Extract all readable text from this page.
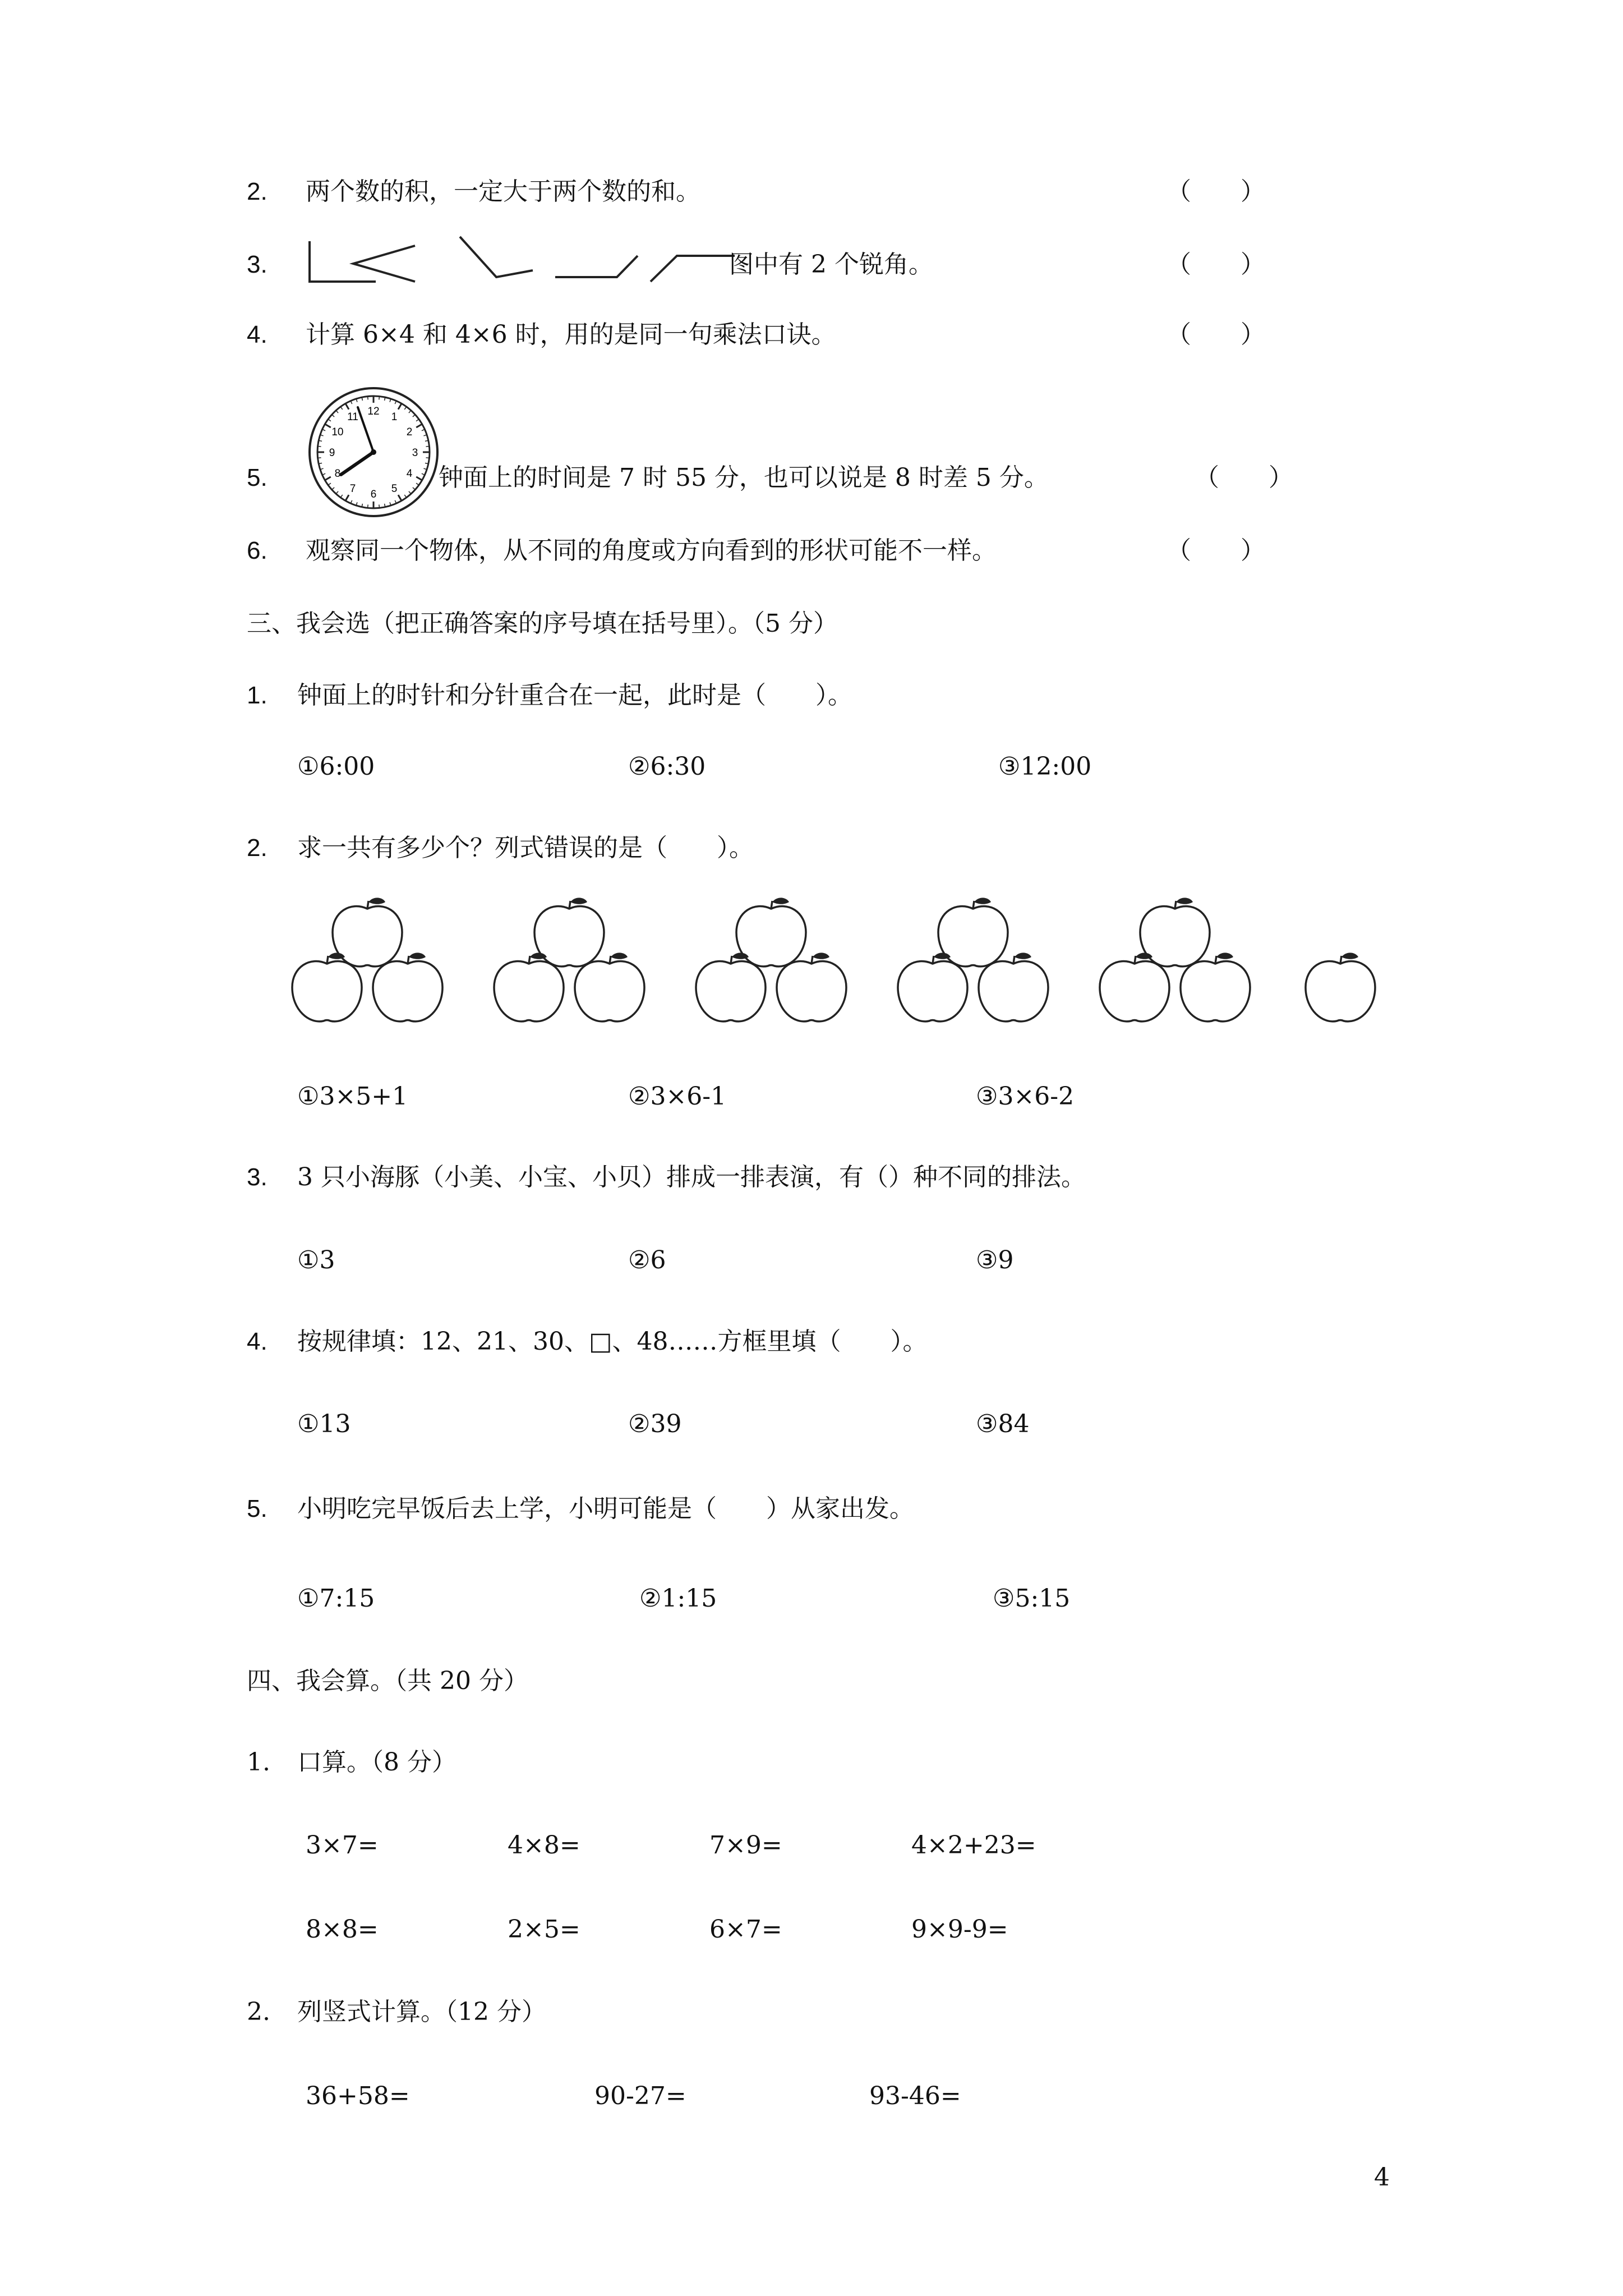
2. 两个数的积，一定大于两个数的和。	（　　）
3.	图中有 2 个锐角。	（　　）
4. 计算 6×4 和 4×6 时，用的是同一句乘法口诀。	（　　）
5.
12 1
2
3
4
5
6
7
8
9
10
11
钟面上的时间是 7 时 55 分，也可以说是 8 时差 5 分。	（　　）
6. 观察同一个物体，从不同的角度或方向看到的形状可能不一样。	（　　）
三、我会选（把正确答案的序号填在括号里）。（5 分）
1. 钟面上的时针和分针重合在一起，此时是（　　）。
①6:00	②6:30	③12:00
2. 求一共有多少个？列式错误的是（　　）。
①3×5+1	②3×6-1	③3×6-2
3. 3 只小海豚（小美、小宝、小贝）排成一排表演，有（）种不同的排法。
①3	②6	③9
4. 按规律填：12、21、30、□、48……方框里填（　　）。
①13	②39	③84
5. 小明吃完早饭后去上学，小明可能是（　　）从家出发。
①7:15	②1:15	③5:15
四、我会算。（共 20 分）
1. 口算。（8 分）
3×7=	4×8=	7×9=	4×2+23=
8×8=	2×5=	6×7=	9×9-9=
2. 列竖式计算。（12 分）
36+58=	90-27=	93-46=
4
